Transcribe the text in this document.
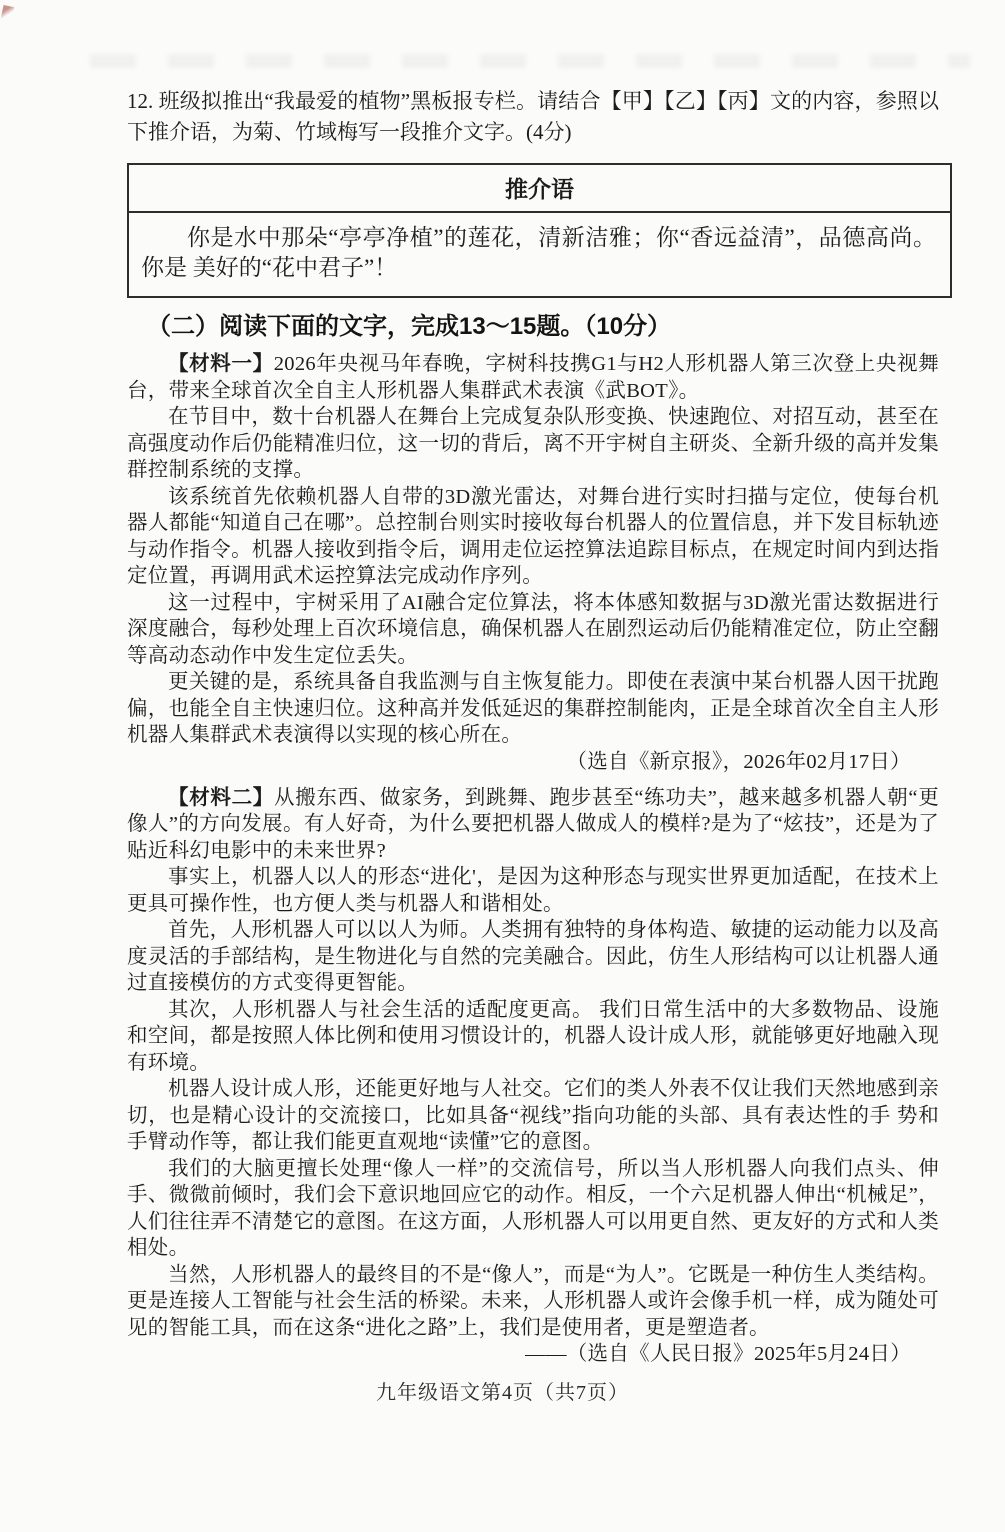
12. 班级拟推出“我最爱的植物”黑板报专栏。请结合【甲】【乙】【丙】文的内容，参照以下推介语，为菊、竹域梅写一段推介文字。(4分)

推介语
你是水中那朵“亭亭净植”的莲花，清新洁雅；你“香远益清”，品德高尚。你是 美好的“花中君子”！
（二）阅读下面的文字，完成13～15题。（10分）

【材料一】2026年央视马年春晚，字树科技携G1与H2人形机器人第三次登上央视舞台，带来全球首次全自主人形机器人集群武术表演《武BOT》。

在节目中，数十台机器人在舞台上完成复杂队形变换、快速跑位、对招互动，甚至在高强度动作后仍能精准归位，这一切的背后，离不开宇树自主研炎、全新升级的高并发集群控制系统的支撑。

该系统首先依赖机器人自带的3D激光雷达，对舞台进行实时扫描与定位，使每台机器人都能“知道自己在哪”。总控制台则实时接收每台机器人的位置信息，并下发目标轨迹与动作指令。机器人接收到指令后，调用走位运控算法追踪目标点，在规定时间内到达指定位置，再调用武术运控算法完成动作序列。

这一过程中，宇树采用了AI融合定位算法，将本体感知数据与3D激光雷达数据进行深度融合，每秒处理上百次环境信息，确保机器人在剧烈运动后仍能精准定位，防止空翻等高动态动作中发生定位丢失。

更关键的是，系统具备自我监测与自主恢复能力。即使在表演中某台机器人因干扰跑偏，也能全自主快速归位。这种高并发低延迟的集群控制能肉，正是全球首次全自主人形机器人集群武术表演得以实现的核心所在。

（选自《新京报》，2026年02月17日）

【材料二】从搬东西、做家务，到跳舞、跑步甚至“练功夫”，越来越多机器人朝“更像人”的方向发展。有人好奇，为什么要把机器人做成人的模样?是为了“炫技”，还是为了贴近科幻电影中的未来世界?

事实上，机器人以人的形态“进化'，是因为这种形态与现实世界更加适配，在技术上更具可操作性，也方便人类与机器人和谐相处。

首先，人形机器人可以以人为师。人类拥有独特的身体构造、敏捷的运动能力以及高度灵活的手部结构，是生物进化与自然的完美融合。因此，仿生人形结构可以让机器人通过直接模仿的方式变得更智能。

其次，人形机器人与社会生活的适配度更高。 我们日常生活中的大多数物品、设施和空间，都是按照人体比例和使用习惯设计的，机器人设计成人形，就能够更好地融入现有环境。

机器人设计成人形，还能更好地与人社交。它们的类人外表不仅让我们天然地感到亲切，也是精心设计的交流接口，比如具备“视线”指向功能的头部、具有表达性的手 势和手臂动作等，都让我们能更直观地“读懂”它的意图。

我们的大脑更擅长处理“像人一样”的交流信号，所以当人形机器人向我们点头、伸手、微微前倾时，我们会下意识地回应它的动作。相反，一个六足机器人伸出“机械足”，人们往往弄不清楚它的意图。在这方面，人形机器人可以用更自然、更友好的方式和人类相处。

当然，人形机器人的最终目的不是“像人”，而是“为人”。它既是一种仿生人类结构。更是连接人工智能与社会生活的桥梁。未来，人形机器人或许会像手机一样，成为随处可见的智能工具，而在这条“进化之路”上，我们是使用者，更是塑造者。

——（选自《人民日报》2025年5月24日）

九年级语文第4页（共7页）
